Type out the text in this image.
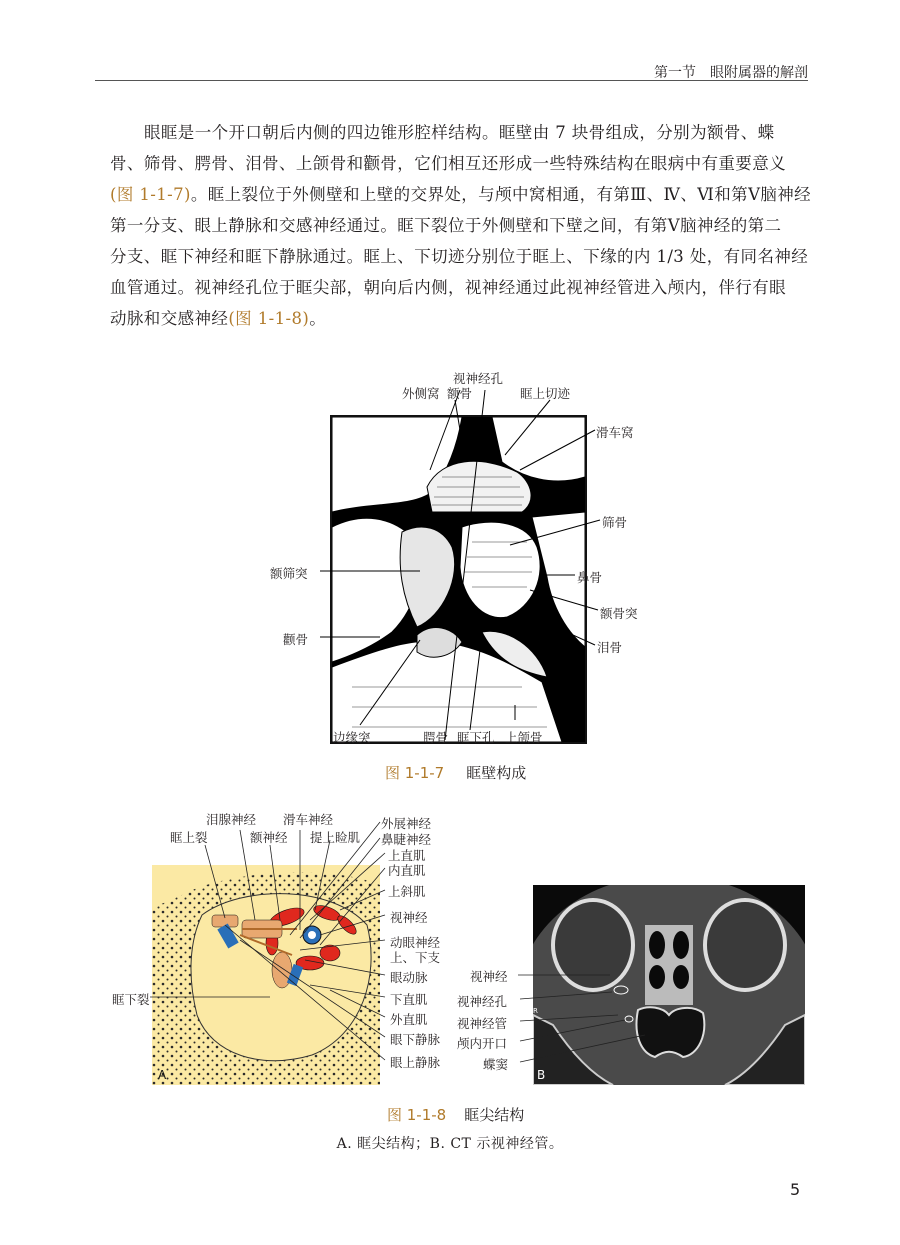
第一节　眼附属器的解剖
眼眶是一个开口朝后内侧的四边锥形腔样结构。眶壁由 7 块骨组成，分别为额骨、蝶
骨、筛骨、腭骨、泪骨、上颌骨和颧骨，它们相互还形成一些特殊结构在眼病中有重要意义
(图 1-1-7)。眶上裂位于外侧壁和上壁的交界处，与颅中窝相通，有第Ⅲ、Ⅳ、Ⅵ和第Ⅴ脑神经
第一分支、眼上静脉和交感神经通过。眶下裂位于外侧壁和下壁之间，有第Ⅴ脑神经的第二
分支、眶下神经和眶下静脉通过。眶上、下切迹分别位于眶上、下缘的内 1/3 处，有同名神经
血管通过。视神经孔位于眶尖部，朝向后内侧，视神经通过此视神经管进入颅内，伴行有眼
动脉和交感神经(图 1-1-8)。
视神经孔
外侧窝 额骨	眶上切迹
滑车窝
筛骨
额筛突	鼻骨
额骨突
颧骨
泪骨
边缘突	腭骨 眶下孔 上颌骨
图 1-1-7 眶壁构成
A
泪腺神经 滑车神经	外展神经
眶上裂	额神经 提上睑肌 鼻睫神经
上直肌
内直肌
上斜肌
视神经
动眼神经
上、下支
眼动脉
眶下裂	下直肌
外直肌
眼下静脉
眼上静脉
B
R
视神经
视神经孔
视神经管
颅内开口
蝶窦
图 1-1-8 眶尖结构
A. 眶尖结构；B. CT 示视神经管。
5
